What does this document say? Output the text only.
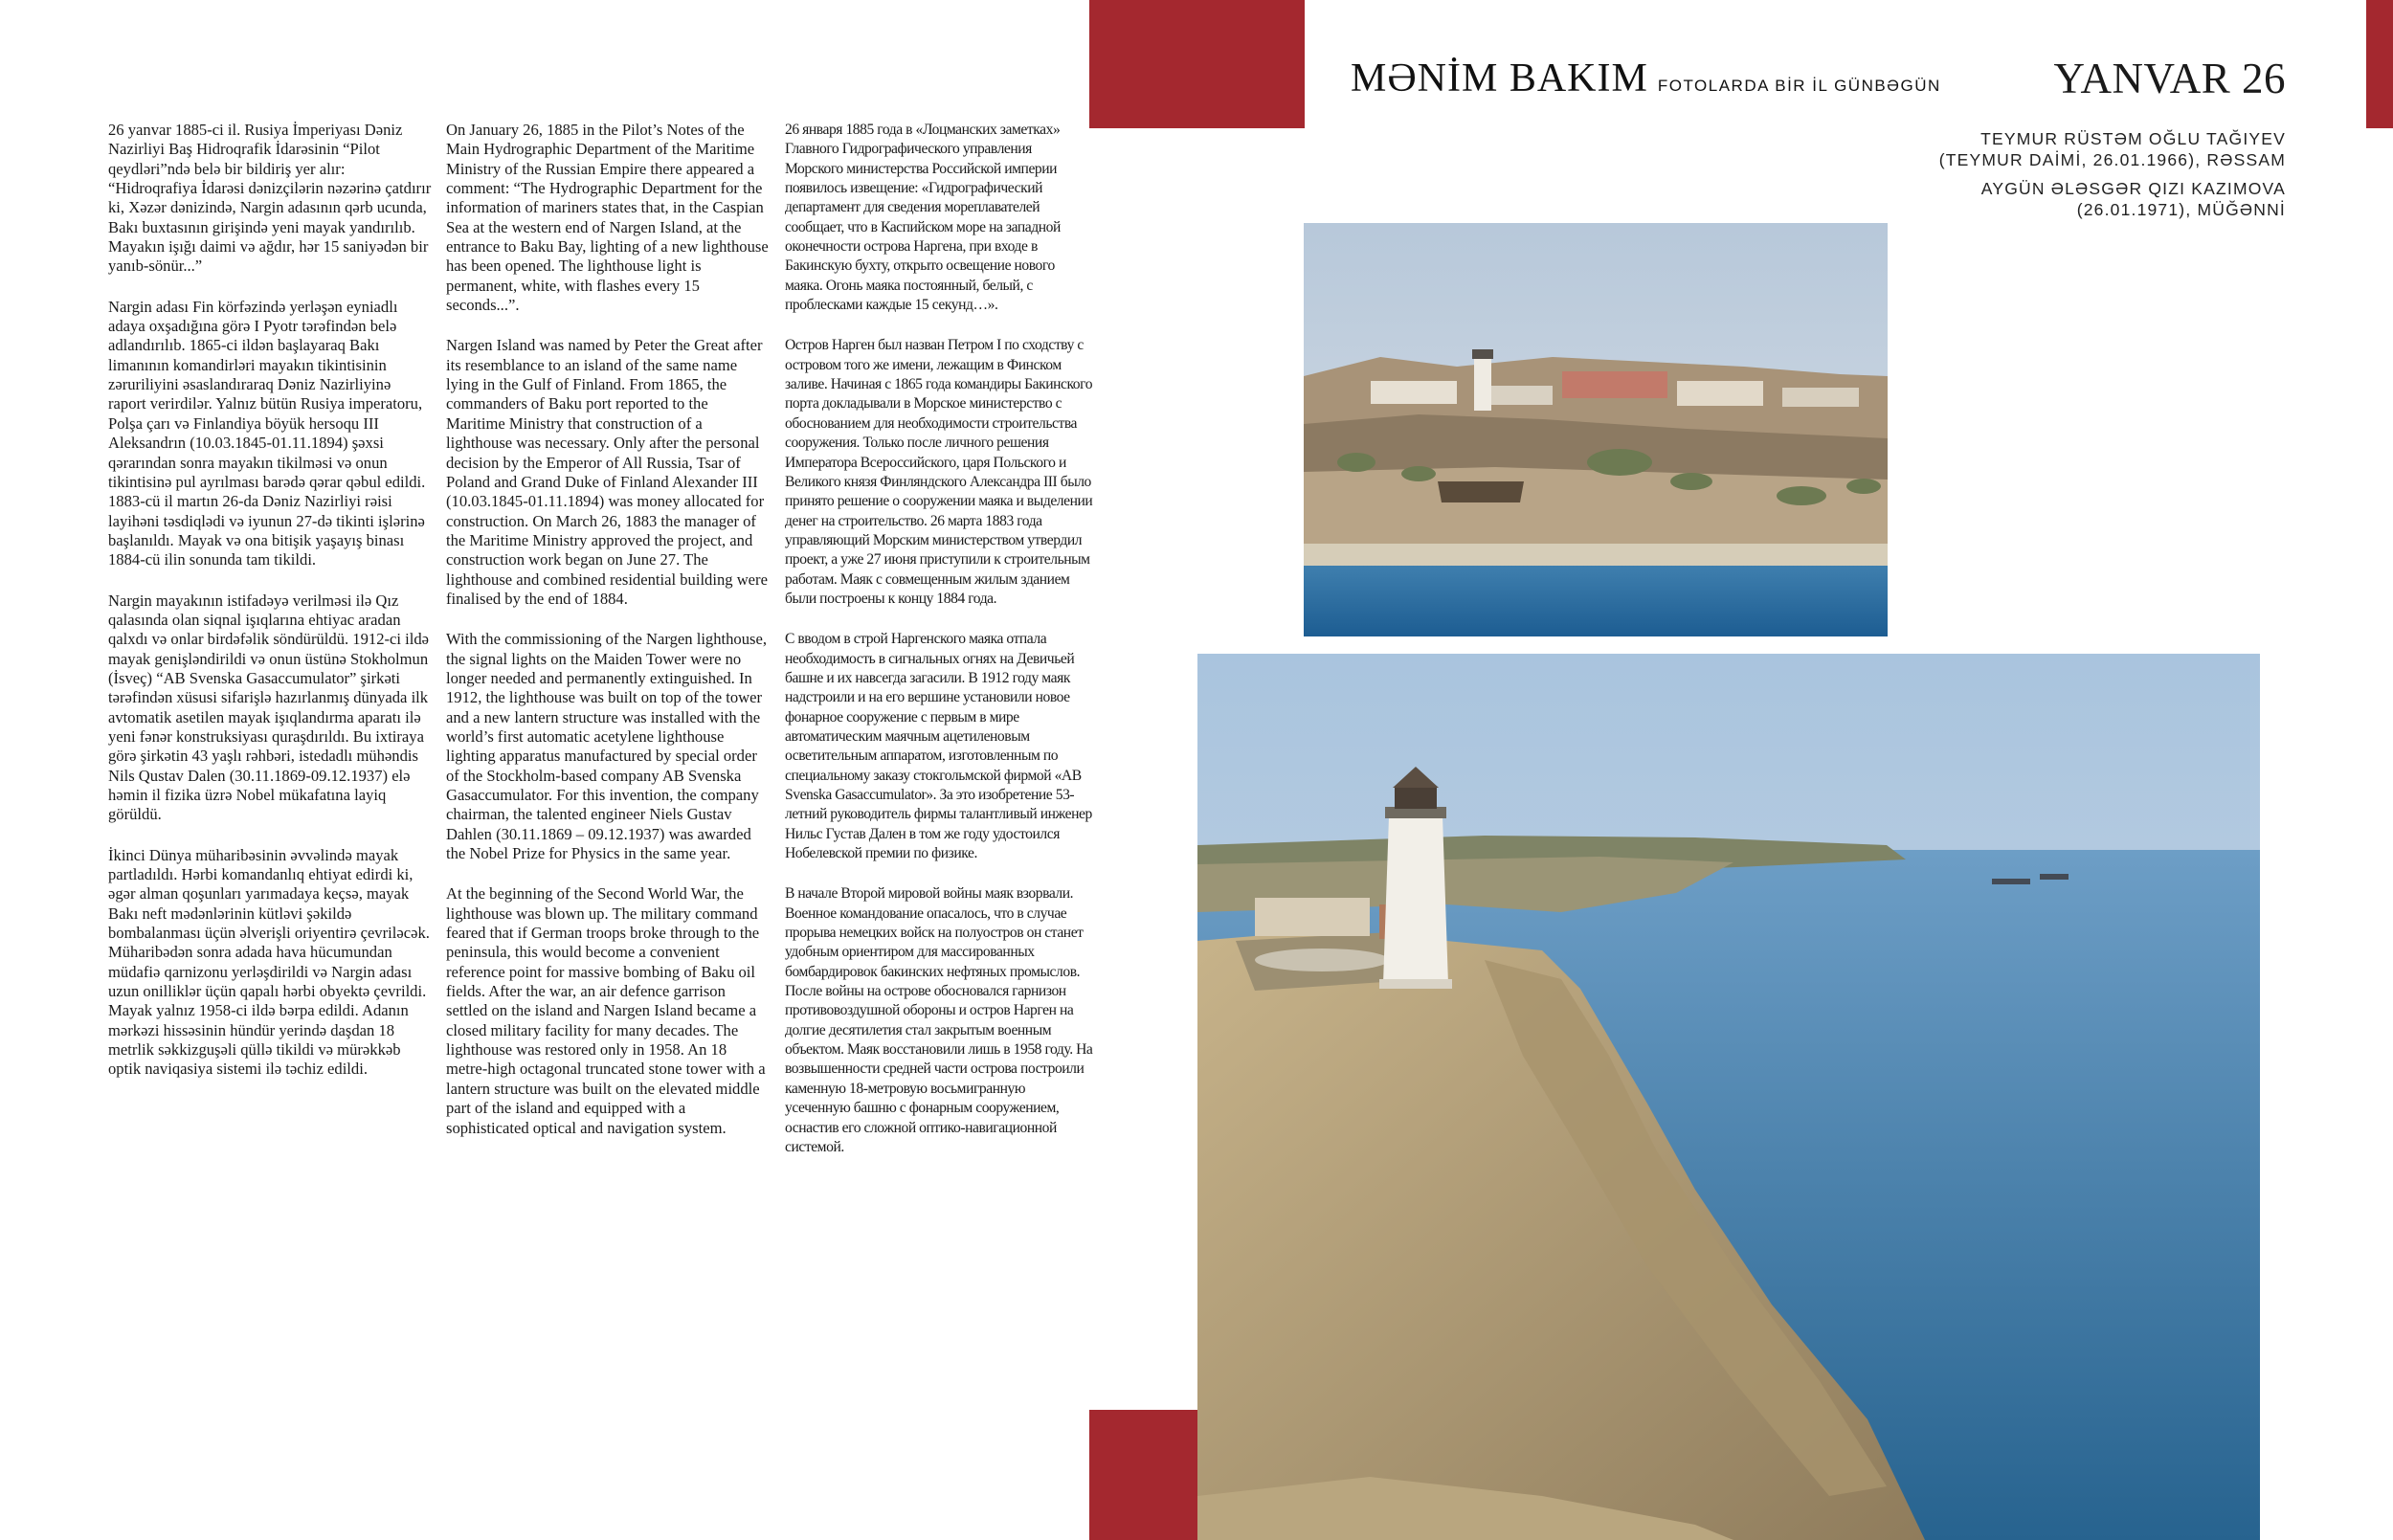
MƏNİM BAKIM FOTOLARDA BİR İL GÜNBƏGÜN	YANVAR 26

TEYMUR RÜSTƏM OĞLU TAĞIYEV
(TEYMUR DAİMİ, 26.01.1966), RƏSSAM

AYGÜN ƏLƏSGƏR QIZI KAZIMOVA
(26.01.1971), MÜĞƏNNİ

26 yanvar 1885-ci il. Rusiya İmperiyası Dəniz Nazirliyi Baş Hidroqrafik İdarəsinin “Pilot qeydləri”ndə belə bir bildiriş yer alır: “Hidroqrafiya İdarəsi dənizçilərin nəzərinə çatdırır ki, Xəzər dənizində, Nargin adasının qərb ucunda, Bakı buxtasının girişində yeni mayak yandırılıb. Mayakın işığı daimi və ağdır, hər 15 saniyədən bir yanıb-sönür...”

Nargin adası Fin körfəzində yerləşən eyniadlı adaya oxşadığına görə I Pyotr tərəfindən belə adlandırılıb. 1865-ci ildən başlayaraq Bakı limanının komandirləri mayakın tikintisinin zəruriliyini əsaslandıraraq Dəniz Nazirliyinə raport verirdilər. Yalnız bütün Rusiya imperatoru, Polşa çarı və Finlandiya böyük hersoqu III Aleksandrın (10.03.1845-01.11.1894) şəxsi qərarından sonra mayakın tikilməsi və onun tikintisinə pul ayrılması barədə qərar qəbul edildi. 1883-cü il martın 26-da Dəniz Nazirliyi rəisi layihəni təsdiqlədi və iyunun 27-də tikinti işlərinə başlanıldı. Mayak və ona bitişik yaşayış binası 1884-cü ilin sonunda tam tikildi.

Nargin mayakının istifadəyə verilməsi ilə Qız qalasında olan siqnal işıqlarına ehtiyac aradan qalxdı və onlar birdəfəlik söndürüldü. 1912-ci ildə mayak genişləndirildi və onun üstünə Stokholmun (İsveç) “AB Svenska Gasaccumulator” şirkəti tərəfindən xüsusi sifarişlə hazırlanmış dünyada ilk avtomatik asetilen mayak işıqlandırma aparatı ilə yeni fənər konstruksiyası quraşdırıldı. Bu ixtiraya görə şirkətin 43 yaşlı rəhbəri, istedadlı mühəndis Nils Qustav Dalen (30.11.1869-09.12.1937) elə həmin il fizika üzrə Nobel mükafatına layiq görüldü.

İkinci Dünya müharibəsinin əvvəlində mayak partladıldı. Hərbi komandanlıq ehtiyat edirdi ki, əgər alman qoşunları yarımadaya keçsə, mayak Bakı neft mədənlərinin kütləvi şəkildə bombalanması üçün əlverişli oriyentirə çevriləcək. Müharibədən sonra adada hava hücumundan müdafiə qarnizonu yerləşdirildi və Nargin adası uzun onilliklər üçün qapalı hərbi obyektə çevrildi. Mayak yalnız 1958-ci ildə bərpa edildi. Adanın mərkəzi hissəsinin hündür yerində daşdan 18 metrlik səkkizguşəli qüllə tikildi və mürəkkəb optik naviqasiya sistemi ilə təchiz edildi.

On January 26, 1885 in the Pilot’s Notes of the Main Hydrographic Department of the Maritime Ministry of the Russian Empire there appeared a comment: “The Hydrographic Department for the information of mariners states that, in the Caspian Sea at the western end of Nargen Island, at the entrance to Baku Bay, lighting of a new lighthouse has been opened. The lighthouse light is permanent, white, with flashes every 15 seconds...”.

Nargen Island was named by Peter the Great after its resemblance to an island of the same name lying in the Gulf of Finland. From 1865, the commanders of Baku port reported to the Maritime Ministry that construction of a lighthouse was necessary. Only after the personal decision by the Emperor of All Russia, Tsar of Poland and Grand Duke of Finland Alexander III (10.03.1845-01.11.1894) was money allocated for construction. On March 26, 1883 the manager of the Maritime Ministry approved the project, and construction work began on June 27. The lighthouse and combined residential building were finalised by the end of 1884.

With the commissioning of the Nargen lighthouse, the signal lights on the Maiden Tower were no longer needed and permanently extinguished. In 1912, the lighthouse was built on top of the tower and a new lantern structure was installed with the world’s first automatic acetylene lighthouse lighting apparatus manufactured by special order of the Stockholm-based company AB Svenska Gasaccumulator. For this invention, the company chairman, the talented engineer Niels Gustav Dahlen (30.11.1869 – 09.12.1937) was awarded the Nobel Prize for Physics in the same year.

At the beginning of the Second World War, the lighthouse was blown up. The military command feared that if German troops broke through to the peninsula, this would become a convenient reference point for massive bombing of Baku oil fields. After the war, an air defence garrison settled on the island and Nargen Island became a closed military facility for many decades. The lighthouse was restored only in 1958. An 18 metre-high octagonal truncated stone tower with a lantern structure was built on the elevated middle part of the island and equipped with a sophisticated optical and navigation system.

26 января 1885 года в «Лоцманских заметках» Главного Гидрографического управления Морского министерства Российской империи появилось извещение: «Гидрографический департамент для сведения мореплавателей сообщает, что в Каспийском море на западной оконечности острова Наргена, при входе в Бакинскую бухту, открыто освещение нового маяка. Огонь маяка постоянный, белый, с проблесками каждые 15 секунд…».

Остров Нарген был назван Петром I по сходству с островом того же имени, лежащим в Финском заливе. Начиная с 1865 года командиры Бакинского порта докладывали в Морское министерство с обоснованием для необходимости строительства сооружения. Только после личного решения Императора Всероссийского, царя Польского и Великого князя Финляндского Александра III было принято решение о сооружении маяка и выделении денег на строительство. 26 марта 1883 года управляющий Морским министерством утвердил проект, а уже 27 июня приступили к строительным работам. Маяк с совмещенным жилым зданием были построены к концу 1884 года.

С вводом в строй Наргенского маяка отпала необходимость в сигнальных огнях на Девичьей башне и их навсегда загасили. В 1912 году маяк надстроили и на его вершине установили новое фонарное сооружение с первым в мире автоматическим маячным ацетиленовым осветительным аппаратом, изготовленным по специальному заказу стокгольмской фирмой «AB Svenska Gasaccumulator». За это изобретение 53-летний руководитель фирмы талантливый инженер Нильс Густав Дален в том же году удостоился Нобелевской премии по физике.

В начале Второй мировой войны маяк взорвали. Военное командование опасалось, что в случае прорыва немецких войск на полуостров он станет удобным ориентиром для массированных бомбардировок бакинских нефтяных промыслов. После войны на острове обосновался гарнизон противовоздушной обороны и остров Нарген на долгие десятилетия стал закрытым военным объектом. Маяк восстановили лишь в 1958 году. На возвышенности средней части острова построили каменную 18-метровую восьмигранную усеченную башню с фонарным сооружением, оснастив его сложной оптико-навигационной системой.
